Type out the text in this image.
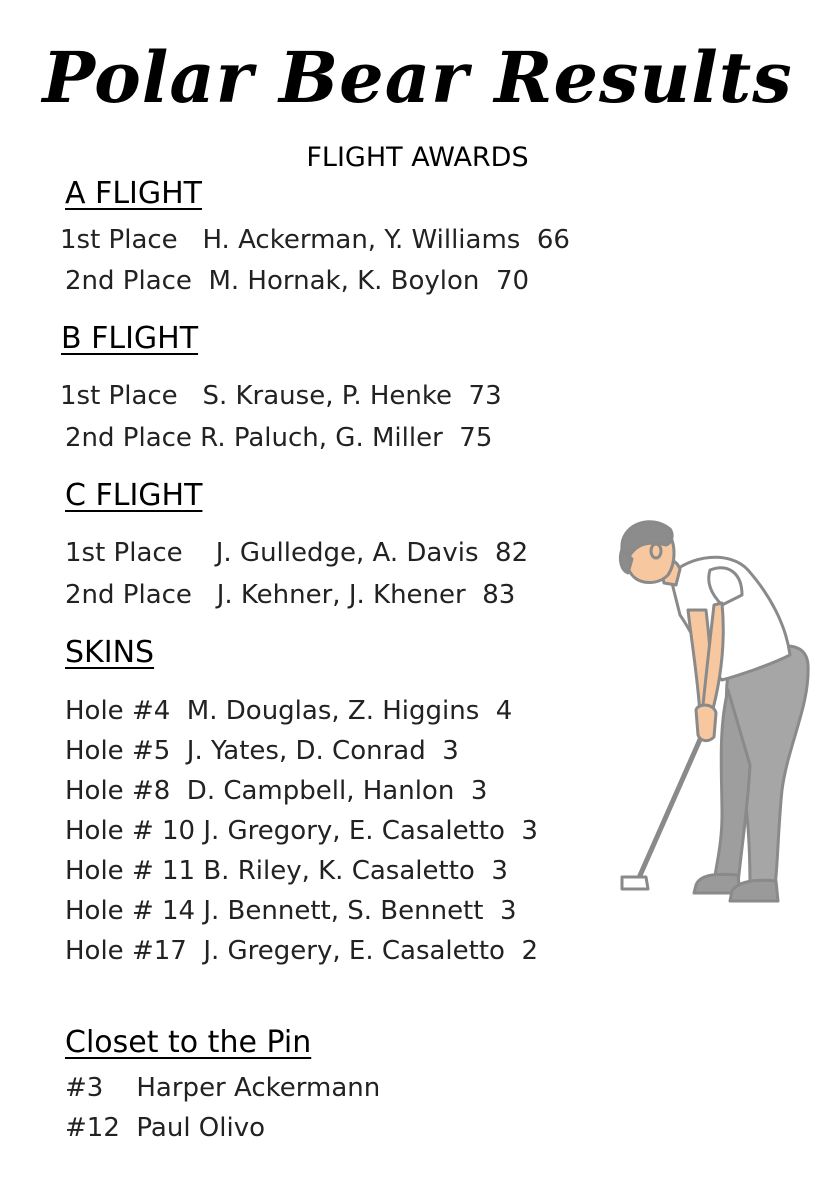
Polar Bear Results
FLIGHT AWARDS
A FLIGHT
1st Place   H. Ackerman, Y. Williams  66
2nd Place  M. Hornak, K. Boylon  70
B FLIGHT
1st Place   S. Krause, P. Henke  73
2nd Place R. Paluch, G. Miller  75
C FLIGHT
1st Place    J. Gulledge, A. Davis  82
2nd Place   J. Kehner, J. Khener  83
SKINS
Hole #4  M. Douglas, Z. Higgins  4
Hole #5  J. Yates, D. Conrad  3
Hole #8  D. Campbell, Hanlon  3
Hole # 10 J. Gregory, E. Casaletto  3
Hole # 11 B. Riley, K. Casaletto  3
Hole # 14 J. Bennett, S. Bennett  3
Hole #17  J. Gregery, E. Casaletto  2
Closet to the Pin
#3    Harper Ackermann
#12  Paul Olivo
